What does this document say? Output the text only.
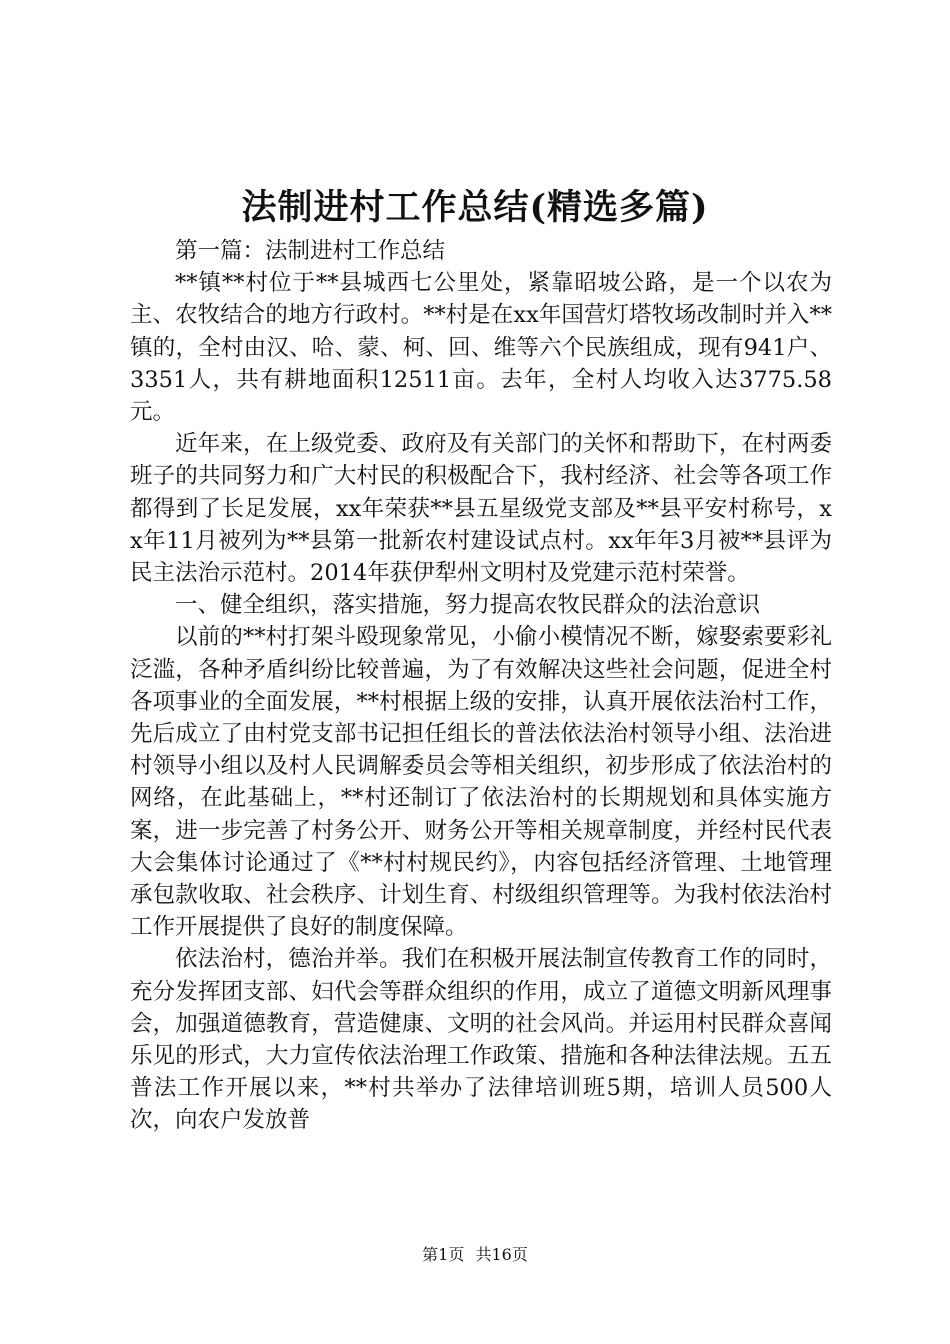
法制进村工作总结(精选多篇)

第一篇：法制进村工作总结

**镇**村位于**县城西七公里处，紧靠昭坡公路，是一个以农为主、农牧结合的地方行政村。**村是在xx年国营灯塔牧场改制时并入**镇的，全村由汉、哈、蒙、柯、回、维等六个民族组成，现有941户、3351人，共有耕地面积12511亩。去年，全村人均收入达3775.58元。

近年来，在上级党委、政府及有关部门的关怀和帮助下，在村两委班子的共同努力和广大村民的积极配合下，我村经济、社会等各项工作都得到了长足发展，xx年荣获**县五星级党支部及**县平安村称号，xx年11月被列为**县第一批新农村建设试点村。xx年年3月被**县评为民主法治示范村。2014年获伊犁州文明村及党建示范村荣誉。

一、健全组织，落实措施，努力提高农牧民群众的法治意识

以前的**村打架斗殴现象常见，小偷小模情况不断，嫁娶索要彩礼泛滥，各种矛盾纠纷比较普遍，为了有效解决这些社会问题，促进全村各项事业的全面发展，**村根据上级的安排，认真开展依法治村工作，先后成立了由村党支部书记担任组长的普法依法治村领导小组、法治进村领导小组以及村人民调解委员会等相关组织，初步形成了依法治村的网络，在此基础上，**村还制订了依法治村的长期规划和具体实施方案，进一步完善了村务公开、财务公开等相关规章制度，并经村民代表大会集体讨论通过了《**村村规民约》，内容包括经济管理、土地管理承包款收取、社会秩序、计划生育、村级组织管理等。为我村依法治村工作开展提供了良好的制度保障。

依法治村，德治并举。我们在积极开展法制宣传教育工作的同时，充分发挥团支部、妇代会等群众组织的作用，成立了道德文明新风理事会，加强道德教育，营造健康、文明的社会风尚。并运用村民群众喜闻乐见的形式，大力宣传依法治理工作政策、措施和各种法律法规。五五普法工作开展以来，**村共举办了法律培训班5期，培训人员500人次，向农户发放普

第1页 共16页
